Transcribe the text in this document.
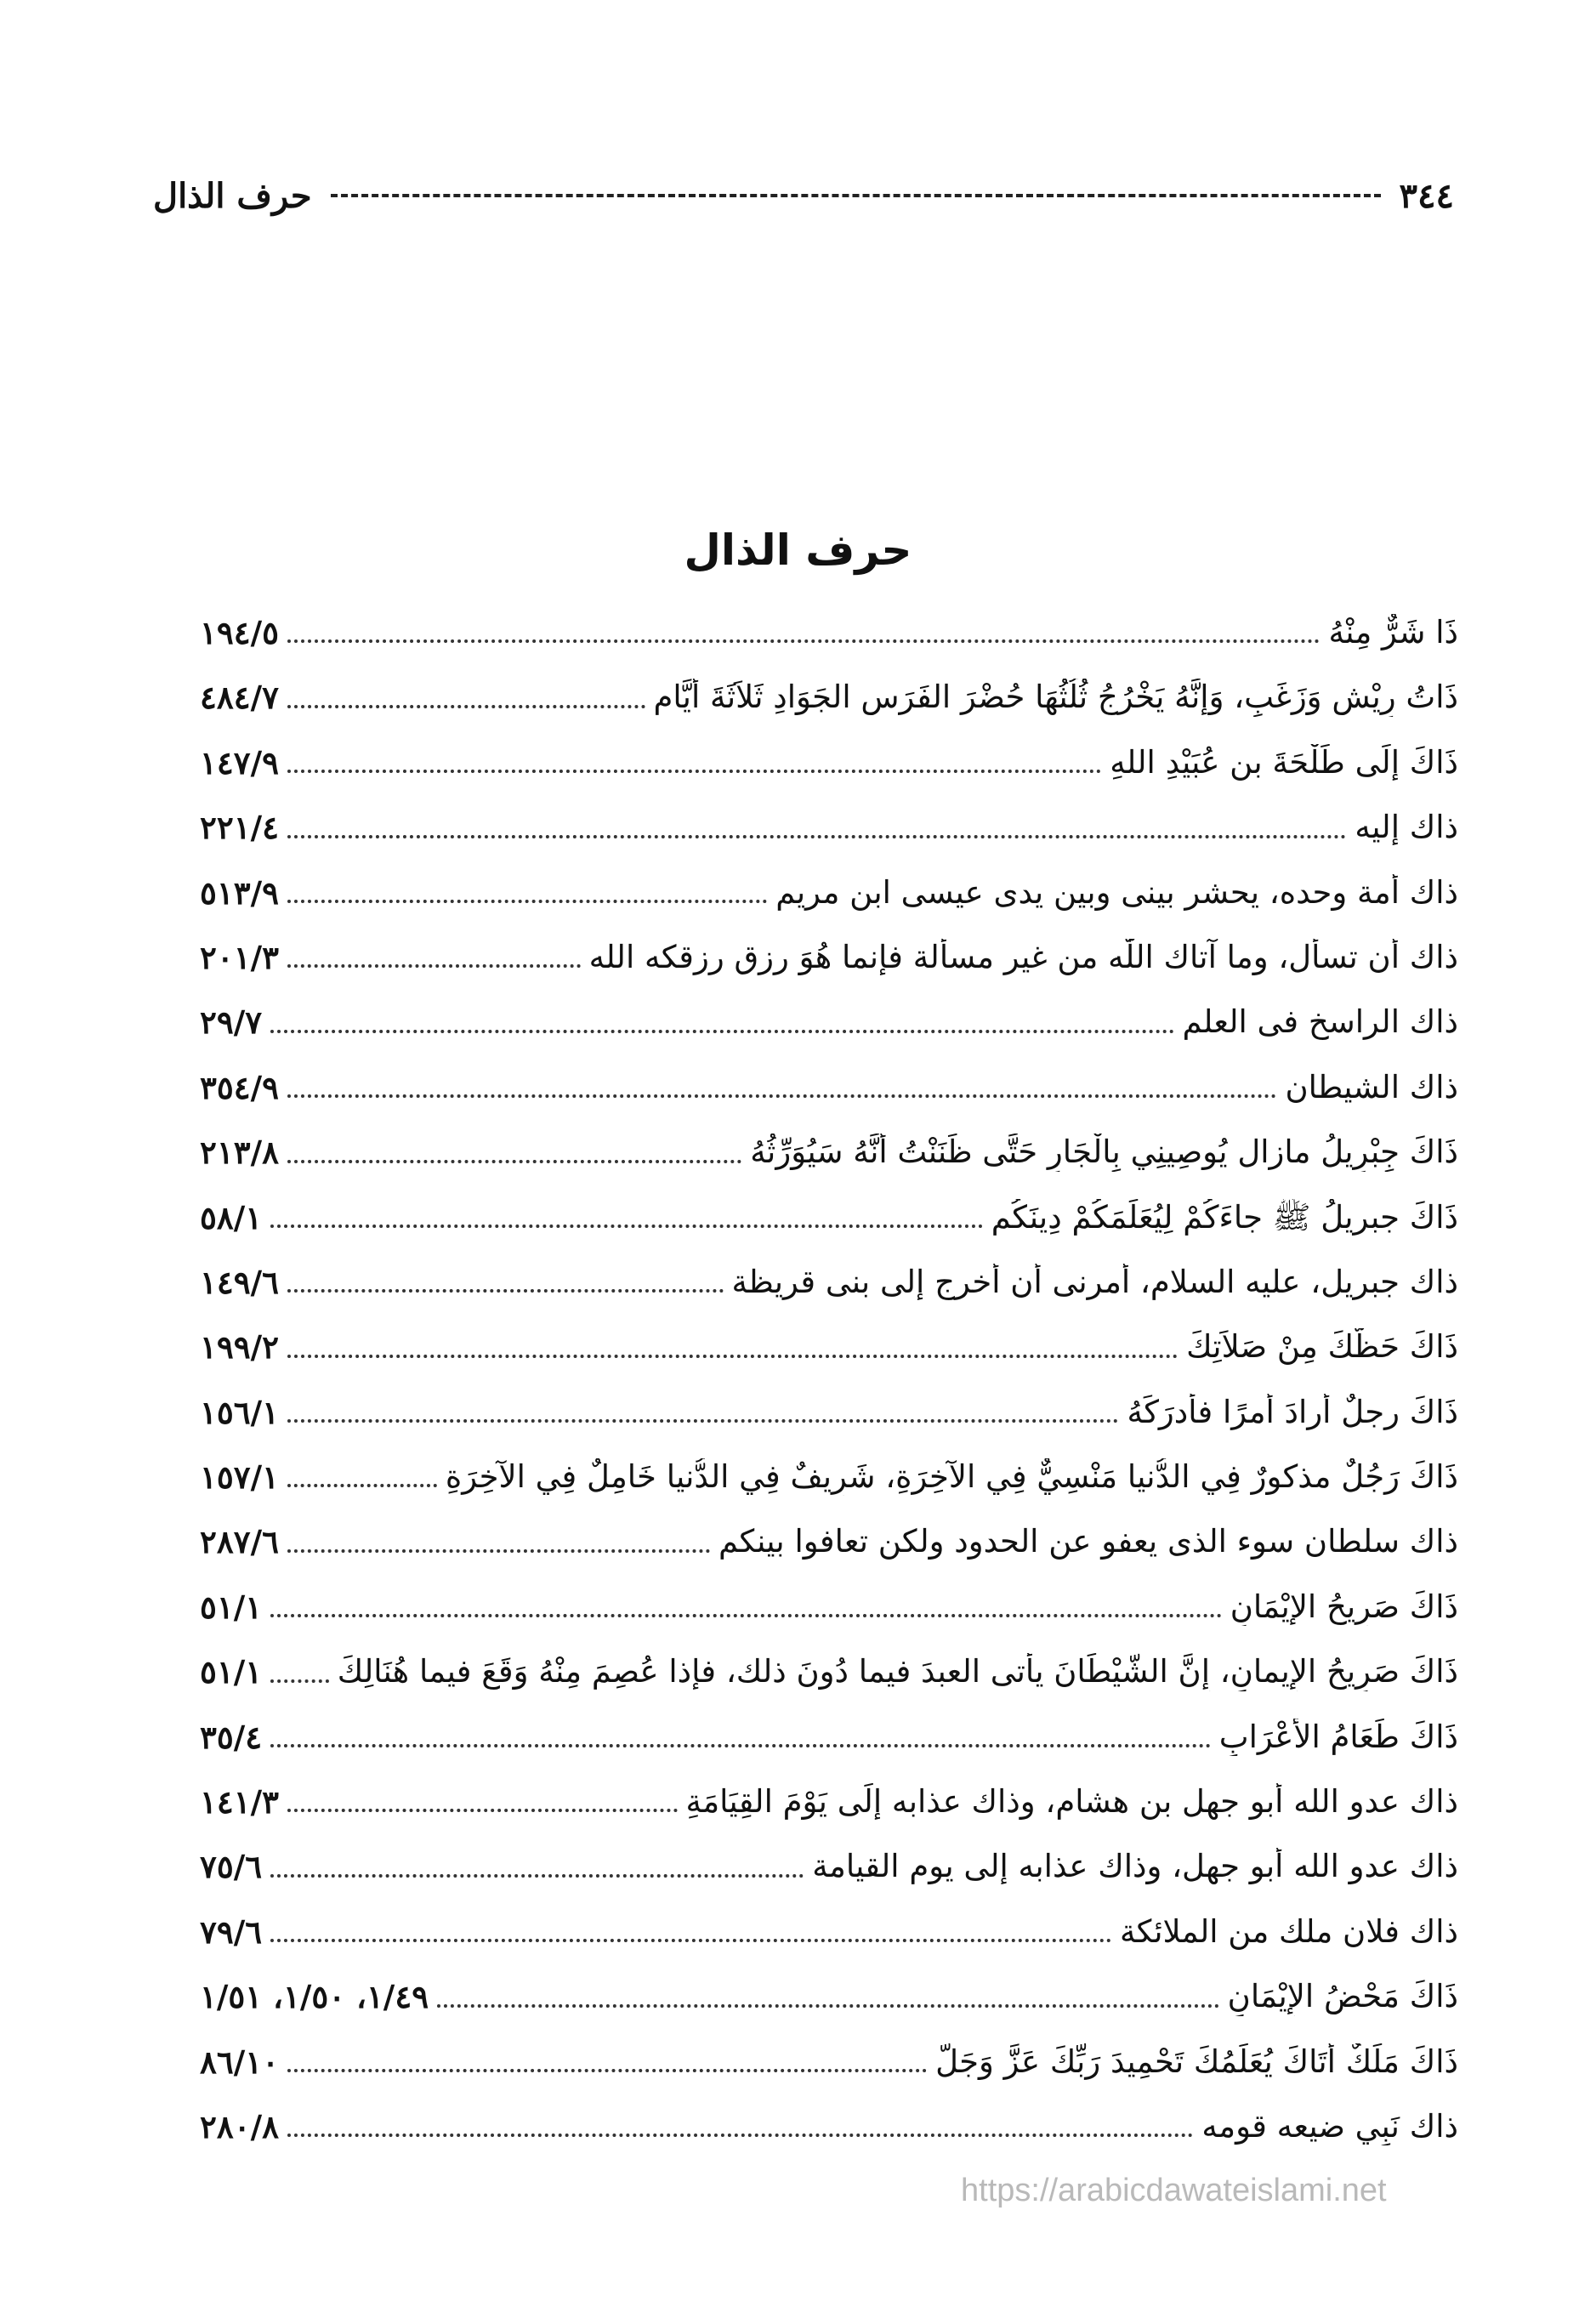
حرف الذال	٣٤٤
حرف الذال
ذَا شَرٌّ مِنْهُ
١٩٤/٥
ذَاتُ رِيْشٍ وَزَغَبٍ، وَإِنَّهُ يَخْرُجُ ثُلُثُهَا حُضْرَ الفَرَسِ الجَوَادِ ثَلاَثَةَ أَيَّامٍ
٤٨٤/٧
ذَاكَ إِلَى طَلْحَةَ بن عُبَيْدِ اللهِ
١٤٧/٩
ذاك إليه
٢٢١/٤
ذاك أمة وحده، يحشر بينى وبين يدى عيسى ابن مريم
٥١٣/٩
ذاك أن تسأل، وما آتاك اللّٰه من غير مسألة فإنما هُوَ رزق رزقكه الله
٢٠١/٣
ذاك الراسخ فى العلم
٢٩/٧
ذاك الشيطان
٣٥٤/٩
ذَاكَ جِبْرِيلُ مازال يُوصِينِي بِالْجَارِ حَتَّى ظَنَنْتُ أَنَّهُ سَيُوَرِّثُهُ
٢١٣/٨
ذَاكَ جبريلُ ﷺ جاءَكُمْ لِيُعَلِّمَكُمْ دِينَكُم
٥٨/١
ذاك جبريل، عليه السلام، أمرنى أن أخرج إلى بنى قريظة
١٤٩/٦
ذَاكَ حَظُّكَ مِنْ صَلاَتِكَ
١٩٩/٢
ذَاكَ رجلٌ أرادَ أمرًا فأدرَكَهُ
١٥٦/١
ذَاكَ رَجُلٌ مذكورٌ فِي الدُّنيا مَنْسِيٌّ فِي الآخِرَةِ، شَرِيفٌ فِي الدُّنيا خَامِلٌ فِي الآخِرَةِ
١٥٧/١
ذاك سلطان سوء الذى يعفو عن الحدود ولكن تعافوا بينكم
٢٨٧/٦
ذَاكَ صَرِيحُ الإِيْمَانِ
٥١/١
ذَاكَ صَرِيحُ الإِيمانِ، إِنَّ الشَّيْطَانَ يأتى العبدَ فيما دُونَ ذلك، فإذا عُصِمَ مِنْهُ وَقَعَ فيما هُنَالِكَ
٥١/١
ذَاكَ طَعَامُ الأَعْرَابِ
٣٥/٤
ذاك عدو الله أبو جهل بن هشام، وذاك عذابه إِلَى يَوْمَ القِيَامَةِ
١٤١/٣
ذاك عدو الله أبو جهل، وذاك عذابه إلى يوم القيامة
٧٥/٦
ذاك فلان ملك من الملائكة
٧٩/٦
ذَاكَ مَحْضُ الإِيْمَانِ
١/٤٩، ١/٥٠، ١/٥١
ذَاكَ مَلَكٌ أَتَاكَ يُعَلِّمُكَ تَحْمِيدَ رَبِّكَ عَزَّ وَجَلَّ
٨٦/١٠
ذاك نَبِي ضيعه قومه
٢٨٠/٨
https://arabicdawateislami.net
